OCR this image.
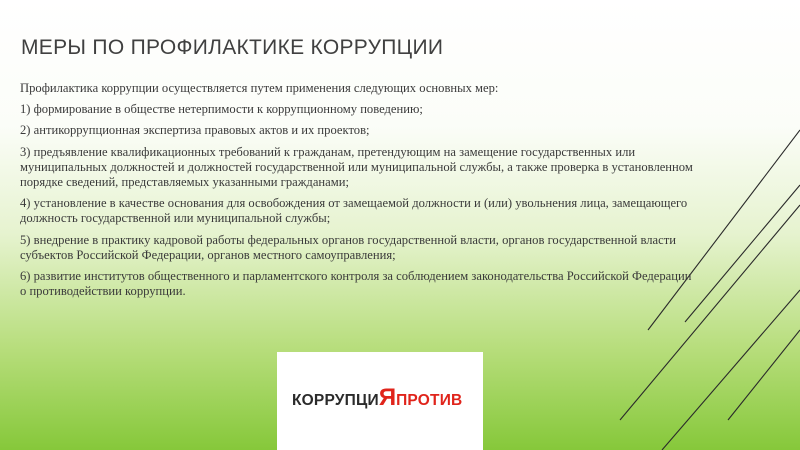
МЕРЫ ПО ПРОФИЛАКТИКЕ КОРРУПЦИИ

Профилактика коррупции осуществляется путем применения следующих основных мер:

1) формирование в обществе нетерпимости к коррупционному поведению;

2) антикоррупционная экспертиза правовых актов и их проектов;

3) предъявление квалификационных требований к гражданам, претендующим на замещение государственных или муниципальных должностей и должностей государственной или муниципальной службы, а также проверка в установленном порядке сведений, представляемых указанными гражданами;

4) установление в качестве основания для освобождения от замещаемой должности и (или) увольнения лица, замещающего должность государственной или муниципальной службы;

5) внедрение в практику кадровой работы федеральных органов государственной власти, органов государственной власти субъектов Российской Федерации, органов местного самоуправления;

6) развитие институтов общественного и парламентского контроля за соблюдением законодательства Российской Федерации о противодействии коррупции.

КОРРУПЦИЯПРОТИВ
